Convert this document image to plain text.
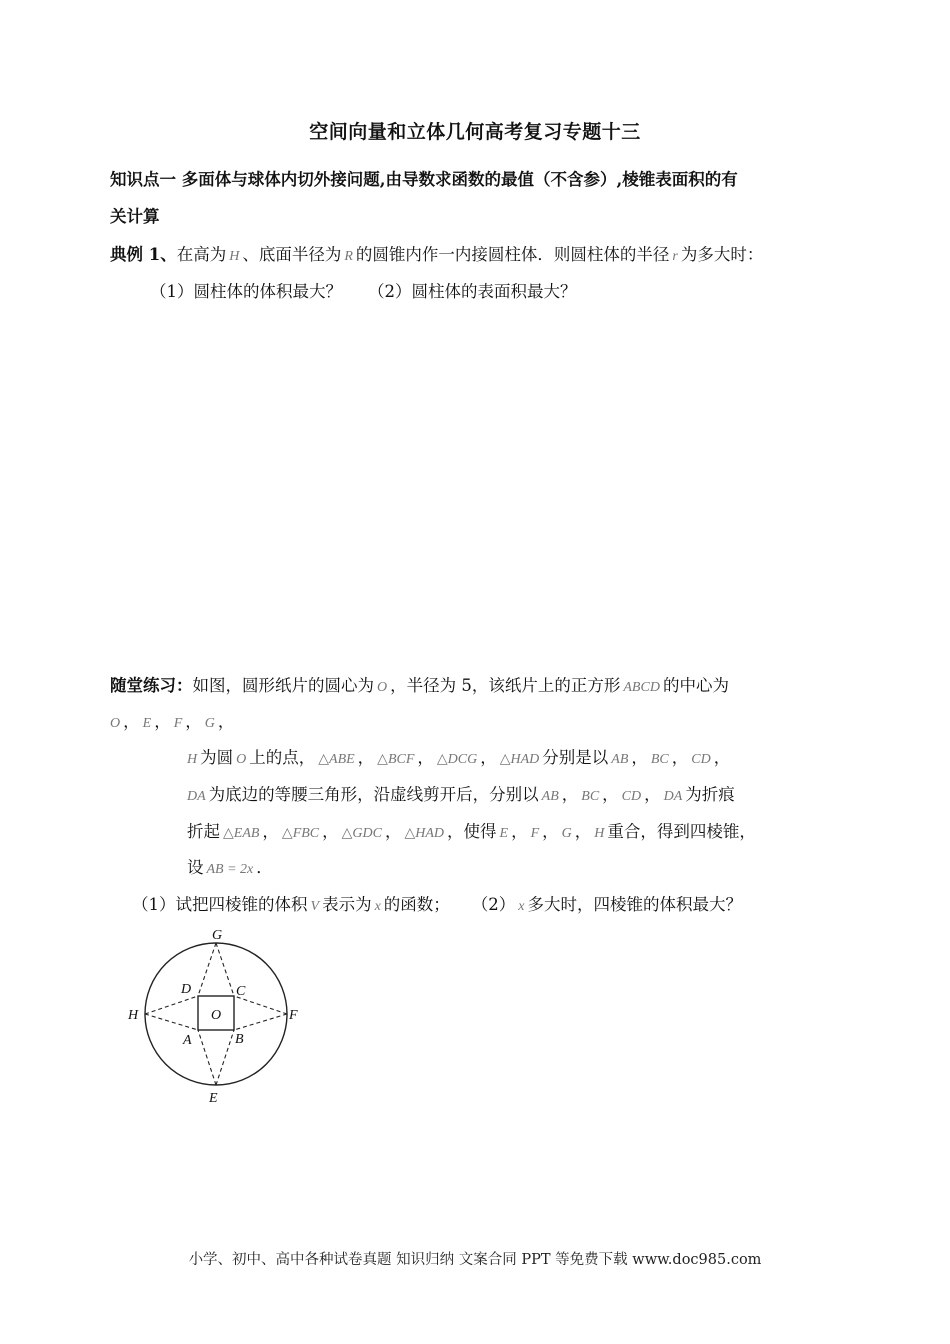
空间向量和立体几何高考复习专题十三
知识点一 多面体与球体内切外接问题,由导数求函数的最值（不含参）,棱锥表面积的有
关计算
典例 1、在高为 H 、底面半径为 R 的圆锥内作一内接圆柱体．则圆柱体的半径 r 为多大时：
（1）圆柱体的体积最大？ （2）圆柱体的表面积最大？
随堂练习：如图，圆形纸片的圆心为 O ，半径为 5，该纸片上的正方形 ABCD 的中心为
O ， E ， F ， G ，
H 为圆 O 上的点， △ABE ， △BCF ， △DCG ， △HAD 分别是以 AB ， BC ， CD ，
DA 为底边的等腰三角形，沿虚线剪开后，分别以 AB ， BC ， CD ， DA 为折痕
折起 △EAB ， △FBC ， △GDC ， △HAD ，使得 E ， F ， G ， H 重合，得到四棱锥，
设 AB = 2x ．
（1）试把四棱锥的体积 V 表示为 x 的函数； （2） x 多大时，四棱锥的体积最大？
G
D	C
H	O	F
A	B
E
小学、初中、高中各种试卷真题 知识归纳 文案合同 PPT 等免费下载 www.doc985.com
